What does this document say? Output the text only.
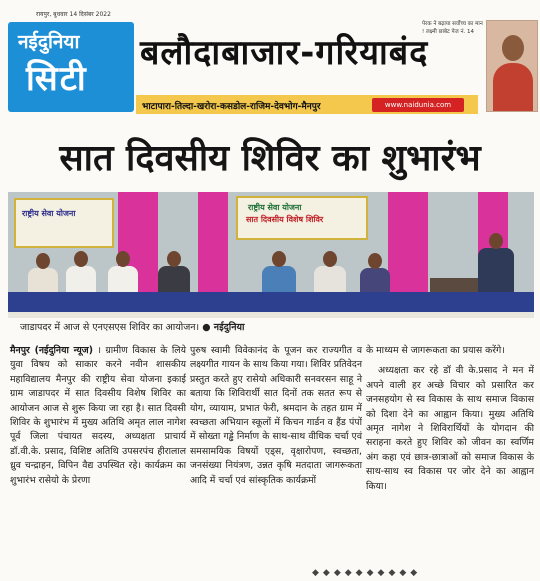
रायपुर, बुधवार 14 दिसंबर 2022
नईदुनिया
सिटी
बलौदाबाजार-गरियाबंद
भाटापारा-तिल्दा-खरोरा-कसडोल-राजिम-देवभोग-मैनपुर	www.naidunia.com
पेरक ने बढ़ाया सर्वोच्च का मान ! लक्ष्मी छाबेट पेज नं. 14
सात दिवसीय शिविर का शुभारंभ
राष्ट्रीय सेवा योजना
राष्ट्रीय सेवा योजना
सात दिवसीय विशेष शिविर
जाडापदर में आज से एनएसएस शिविर का आयोजन। ● नईदुनिया

मैनपुर (नईदुनिया न्यूज) । ग्रामीण विकास के लिये युवा विषय को साकार करने नवीन शासकीय महाविद्यालय मैनपुर की राष्ट्रीय सेवा योजना इकाई ग्राम जाडापदर में सात दिवसीय विशेष शिविर का आयोजन आज से शुरू किया जा रहा है। सात दिवसी शिविर के शुभारंभ में मुख्य अतिथि अमृत लाल नागेश पूर्व जिला पंचायत सदस्य, अध्यक्षता प्राचार्य डॉ.वी.के. प्रसाद, विशिष्ट अतिथि उपसरपंच हीरालाल ध्रुव चन्द्राहन, विपिन वैद्य उपस्थित रहे। कार्यक्रम का शुभारंभ रासेयो के प्रेरणा

पुरुष स्वामी विवेकानंद के पूजन कर राज्यगीत व लक्ष्यगीत गायन के साथ किया गया। शिविर प्रतिवेदन प्रस्तुत करते हुए रासेयो अधिकारी सनवरसन साहू ने बताया कि शिविरार्थी सात दिनों तक सतत रूप से योग, व्यायाम, प्रभात फेरी, श्रमदान के तहत ग्राम में स्वच्छता अभियान स्कूलों में किचन गार्डन व हैंड पंपों में सोख्ता गड्ढे निर्माण के साथ-साथ वीधिक चर्चा एवं समसामयिक विषयों एड्स, वृक्षारोपण, स्वच्छता, जनसंख्या नियंत्रण, उन्नत कृषि मतदाता जागरूकता आदि में चर्चा एवं सांस्कृतिक कार्यक्रमों

के माध्यम से जागरूकता का प्रयास करेंगे।

अध्यक्षता कर रहे डॉ वी के.प्रसाद ने मन में अपने वाली हर अच्छे विचार को प्रसारित कर जनसहयोग से स्व विकास के साथ समाज विकास को दिशा देने का आह्वान किया। मुख्य अतिथि अमृत नागेश ने शिविरार्थियों के योगदान की सराहना करते हुए शिविर को जीवन का स्वर्णिम अंग कहा एवं छात्र-छात्राओं को समाज विकास के साथ-साथ स्व विकास पर जोर देने का आह्वान किया।

◆◆◆◆◆◆◆◆◆◆
